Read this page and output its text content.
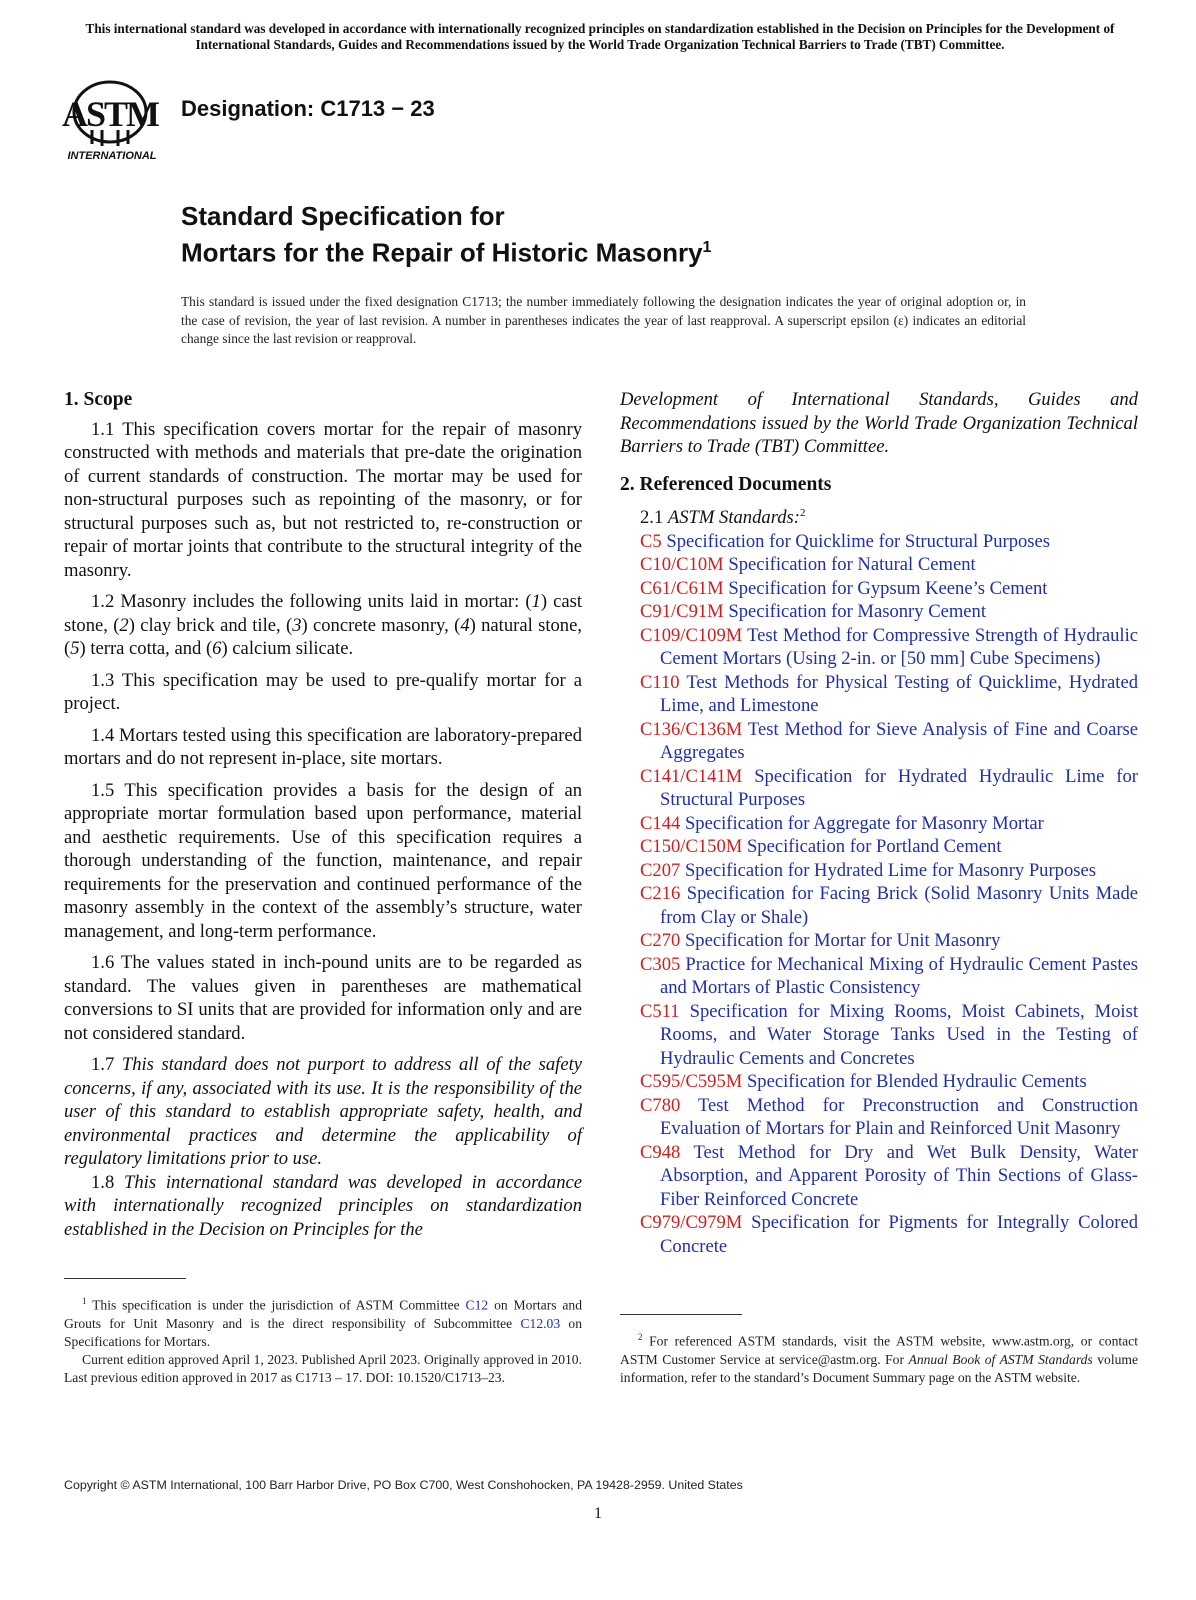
This international standard was developed in accordance with internationally recognized principles on standardization established in the Decision on Principles for the Development of International Standards, Guides and Recommendations issued by the World Trade Organization Technical Barriers to Trade (TBT) Committee.
ASTM
INTERNATIONAL
Designation: C1713 − 23
Standard Specification for
Mortars for the Repair of Historic Masonry$^1$
This standard is issued under the fixed designation C1713; the number immediately following the designation indicates the year of original adoption or, in the case of revision, the year of last revision. A number in parentheses indicates the year of last reapproval. A superscript epsilon (ε) indicates an editorial change since the last revision or reapproval.
1. Scope

1.1 This specification covers mortar for the repair of masonry constructed with methods and materials that pre-date the origination of current standards of construction. The mortar may be used for non-structural purposes such as repointing of the masonry, or for structural purposes such as, but not restricted to, re-construction or repair of mortar joints that contribute to the structural integrity of the masonry.

1.2 Masonry includes the following units laid in mortar: (1) cast stone, (2) clay brick and tile, (3) concrete masonry, (4) natural stone, (5) terra cotta, and (6) calcium silicate.

1.3 This specification may be used to pre-qualify mortar for a project.

1.4 Mortars tested using this specification are laboratory-prepared mortars and do not represent in-place, site mortars.

1.5 This specification provides a basis for the design of an appropriate mortar formulation based upon performance, material and aesthetic requirements. Use of this specification requires a thorough understanding of the function, maintenance, and repair requirements for the preservation and continued performance of the masonry assembly in the context of the assembly’s structure, water management, and long-term performance.

1.6 The values stated in inch-pound units are to be regarded as standard. The values given in parentheses are mathematical conversions to SI units that are provided for information only and are not considered standard.

1.7 This standard does not purport to address all of the safety concerns, if any, associated with its use. It is the responsibility of the user of this standard to establish appropriate safety, health, and environmental practices and determine the applicability of regulatory limitations prior to use.

1.8 This international standard was developed in accordance with internationally recognized principles on standardization established in the Decision on Principles for the

Development of International Standards, Guides and Recommendations issued by the World Trade Organization Technical Barriers to Trade (TBT) Committee.
2. Referenced Documents
2.1 ASTM Standards:$^2$
C5 Specification for Quicklime for Structural Purposes
C10/C10M Specification for Natural Cement
C61/C61M Specification for Gypsum Keene’s Cement
C91/C91M Specification for Masonry Cement
C109/C109M Test Method for Compressive Strength of Hydraulic Cement Mortars (Using 2-in. or [50 mm] Cube Specimens)
C110 Test Methods for Physical Testing of Quicklime, Hydrated Lime, and Limestone
C136/C136M Test Method for Sieve Analysis of Fine and Coarse Aggregates
C141/C141M Specification for Hydrated Hydraulic Lime for Structural Purposes
C144 Specification for Aggregate for Masonry Mortar
C150/C150M Specification for Portland Cement
C207 Specification for Hydrated Lime for Masonry Purposes
C216 Specification for Facing Brick (Solid Masonry Units Made from Clay or Shale)
C270 Specification for Mortar for Unit Masonry
C305 Practice for Mechanical Mixing of Hydraulic Cement Pastes and Mortars of Plastic Consistency
C511 Specification for Mixing Rooms, Moist Cabinets, Moist Rooms, and Water Storage Tanks Used in the Testing of Hydraulic Cements and Concretes
C595/C595M Specification for Blended Hydraulic Cements
C780 Test Method for Preconstruction and Construction Evaluation of Mortars for Plain and Reinforced Unit Masonry
C948 Test Method for Dry and Wet Bulk Density, Water Absorption, and Apparent Porosity of Thin Sections of Glass-Fiber Reinforced Concrete
C979/C979M Specification for Pigments for Integrally Colored Concrete

$^1$ This specification is under the jurisdiction of ASTM Committee C12 on Mortars and Grouts for Unit Masonry and is the direct responsibility of Subcommittee C12.03 on Specifications for Mortars.

Current edition approved April 1, 2023. Published April 2023. Originally approved in 2010. Last previous edition approved in 2017 as C1713 – 17. DOI: 10.1520/C1713–23.

$^2$ For referenced ASTM standards, visit the ASTM website, www.astm.org, or contact ASTM Customer Service at service@astm.org. For Annual Book of ASTM Standards volume information, refer to the standard’s Document Summary page on the ASTM website.

Copyright © ASTM International, 100 Barr Harbor Drive, PO Box C700, West Conshohocken, PA 19428-2959. United States
1
